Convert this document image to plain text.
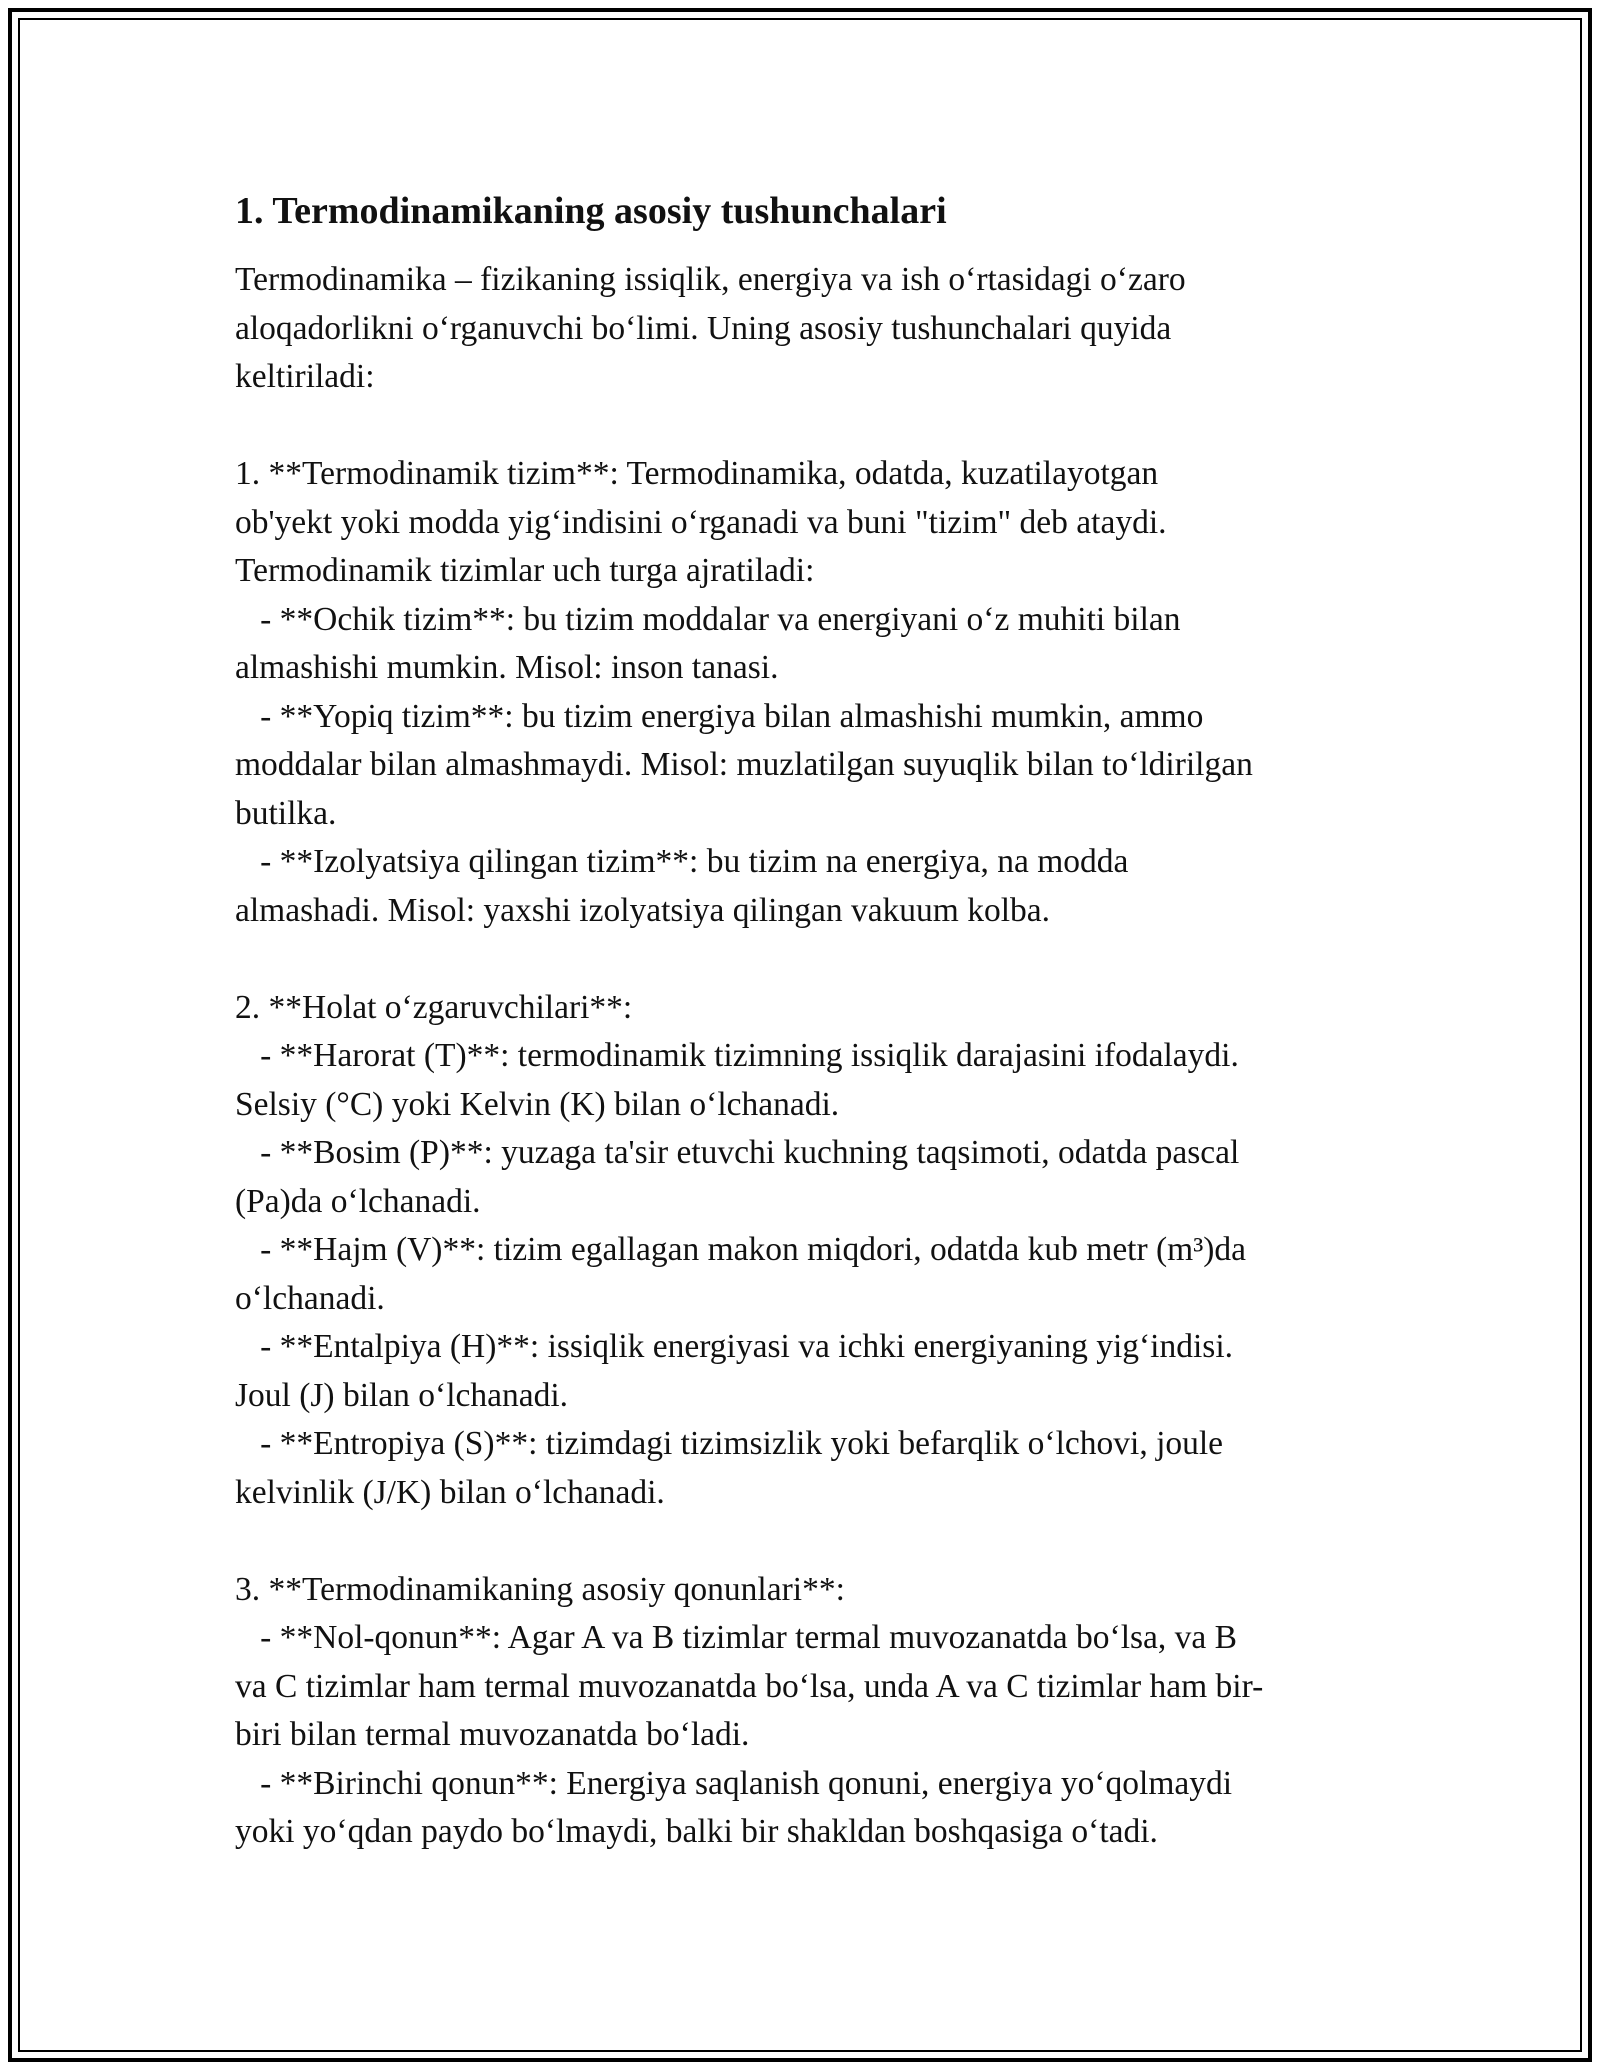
1. Termodinamikaning asosiy tushunchalari
Termodinamika – fizikaning issiqlik, energiya va ish o‘rtasidagi o‘zaro
aloqadorlikni o‘rganuvchi bo‘limi. Uning asosiy tushunchalari quyida
keltiriladi:
1. **Termodinamik tizim**: Termodinamika, odatda, kuzatilayotgan
ob'yekt yoki modda yig‘indisini o‘rganadi va buni "tizim" deb ataydi.
Termodinamik tizimlar uch turga ajratiladi:
- **Ochik tizim**: bu tizim moddalar va energiyani o‘z muhiti bilan
almashishi mumkin. Misol: inson tanasi.
- **Yopiq tizim**: bu tizim energiya bilan almashishi mumkin, ammo
moddalar bilan almashmaydi. Misol: muzlatilgan suyuqlik bilan to‘ldirilgan
butilka.
- **Izolyatsiya qilingan tizim**: bu tizim na energiya, na modda
almashadi. Misol: yaxshi izolyatsiya qilingan vakuum kolba.
2. **Holat o‘zgaruvchilari**:
- **Harorat (T)**: termodinamik tizimning issiqlik darajasini ifodalaydi.
Selsiy (°C) yoki Kelvin (K) bilan o‘lchanadi.
- **Bosim (P)**: yuzaga ta'sir etuvchi kuchning taqsimoti, odatda pascal
(Pa)da o‘lchanadi.
- **Hajm (V)**: tizim egallagan makon miqdori, odatda kub metr (m³)da
o‘lchanadi.
- **Entalpiya (H)**: issiqlik energiyasi va ichki energiyaning yig‘indisi.
Joul (J) bilan o‘lchanadi.
- **Entropiya (S)**: tizimdagi tizimsizlik yoki befarqlik o‘lchovi, joule
kelvinlik (J/K) bilan o‘lchanadi.
3. **Termodinamikaning asosiy qonunlari**:
- **Nol-qonun**: Agar A va B tizimlar termal muvozanatda bo‘lsa, va B
va C tizimlar ham termal muvozanatda bo‘lsa, unda A va C tizimlar ham bir-
biri bilan termal muvozanatda bo‘ladi.
- **Birinchi qonun**: Energiya saqlanish qonuni, energiya yo‘qolmaydi
yoki yo‘qdan paydo bo‘lmaydi, balki bir shakldan boshqasiga o‘tadi.
